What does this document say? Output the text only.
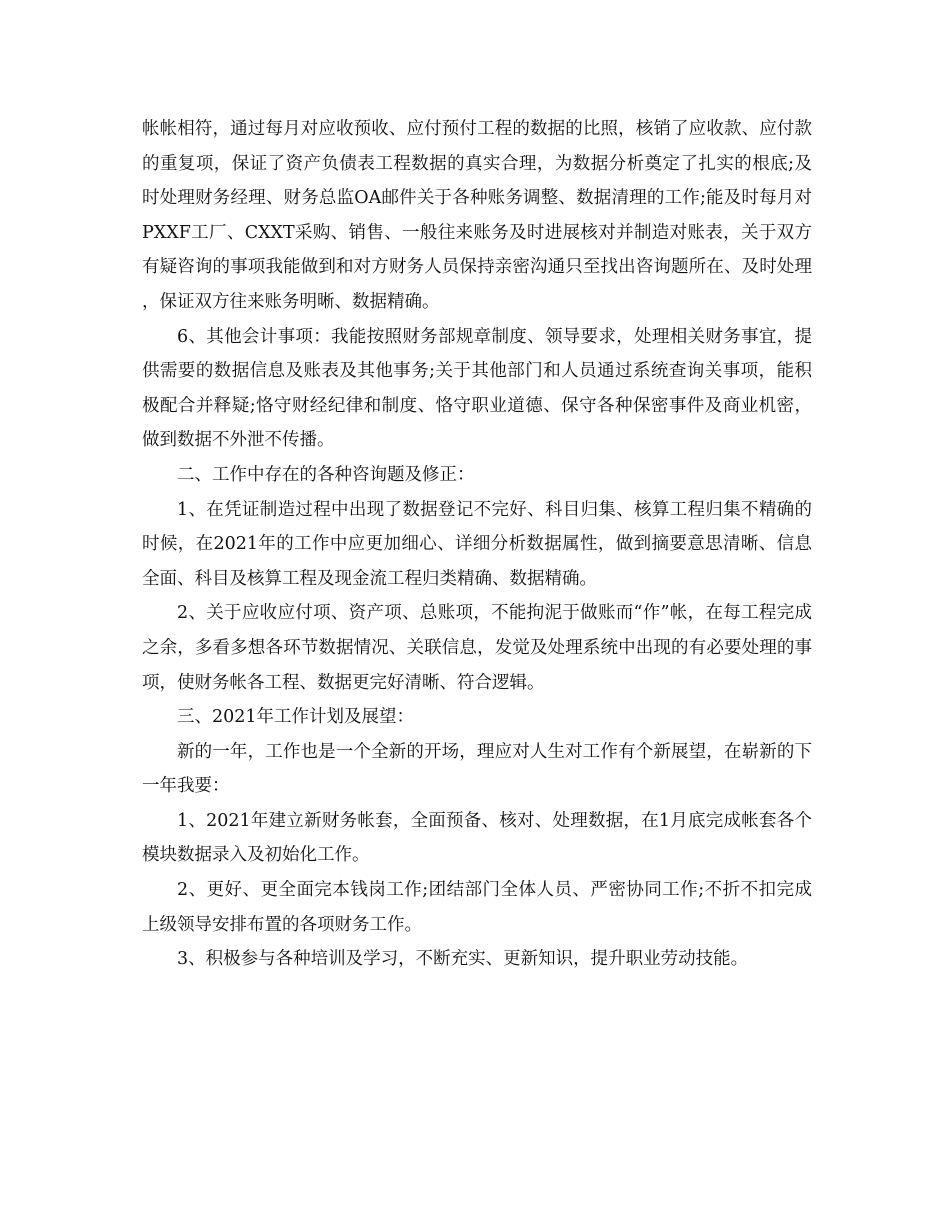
帐帐相符，通过每月对应收预收、应付预付工程的数据的比照，核销了应收款、应付款的重复项，保证了资产负债表工程数据的真实合理，为数据分析奠定了扎实的根底;及时处理财务经理、财务总监OA邮件关于各种账务调整、数据清理的工作;能及时每月对PXXF工厂、CXXT采购、销售、一般往来账务及时进展核对并制造对账表，关于双方有疑咨询的事项我能做到和对方财务人员保持亲密沟通只至找出咨询题所在、及时处理，保证双方往来账务明晰、数据精确。

6、其他会计事项：我能按照财务部规章制度、领导要求，处理相关财务事宜，提供需要的数据信息及账表及其他事务;关于其他部门和人员通过系统查询关事项，能积极配合并释疑;恪守财经纪律和制度、恪守职业道德、保守各种保密事件及商业机密，做到数据不外泄不传播。

二、工作中存在的各种咨询题及修正：

1、在凭证制造过程中出现了数据登记不完好、科目归集、核算工程归集不精确的时候，在2021年的工作中应更加细心、详细分析数据属性，做到摘要意思清晰、信息全面、科目及核算工程及现金流工程归类精确、数据精确。

2、关于应收应付项、资产项、总账项，不能拘泥于做账而“作”帐，在每工程完成之余，多看多想各环节数据情况、关联信息，发觉及处理系统中出现的有必要处理的事项，使财务帐各工程、数据更完好清晰、符合逻辑。

三、2021年工作计划及展望：

新的一年，工作也是一个全新的开场，理应对人生对工作有个新展望，在崭新的下一年我要：

1、2021年建立新财务帐套，全面预备、核对、处理数据，在1月底完成帐套各个模块数据录入及初始化工作。

2、更好、更全面完本钱岗工作;团结部门全体人员、严密协同工作;不折不扣完成上级领导安排布置的各项财务工作。

3、积极参与各种培训及学习，不断充实、更新知识，提升职业劳动技能。
